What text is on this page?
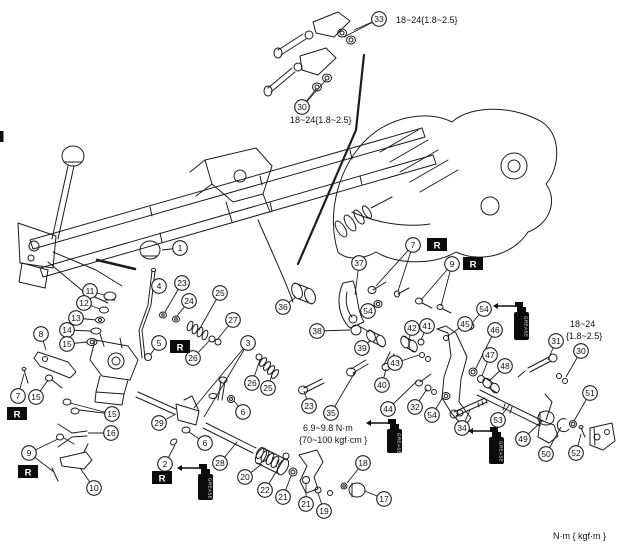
1
2
3
4
5
6
6
7
7
8
9
9
10
11
12
13
14
15
15
15
16
17
18
19
20
21
21
22
23
23
24
25
25
26
26
27
28
29
30
30
31
32
33
34
35
36
37
38
39
40
41
42
43
44
45
46
47
48
49
50
51
52
53
54	54
54
R
R
R
R
R
R
GREASE
GREASE
GREASE
GREASE
18~24{1.8~2.5}
18~24{1.8~2.5}
18~24
{1.8~2.5}
6.9~9.8 N·m
{70~100 kgf·cm }
N·m { kgf·m }
